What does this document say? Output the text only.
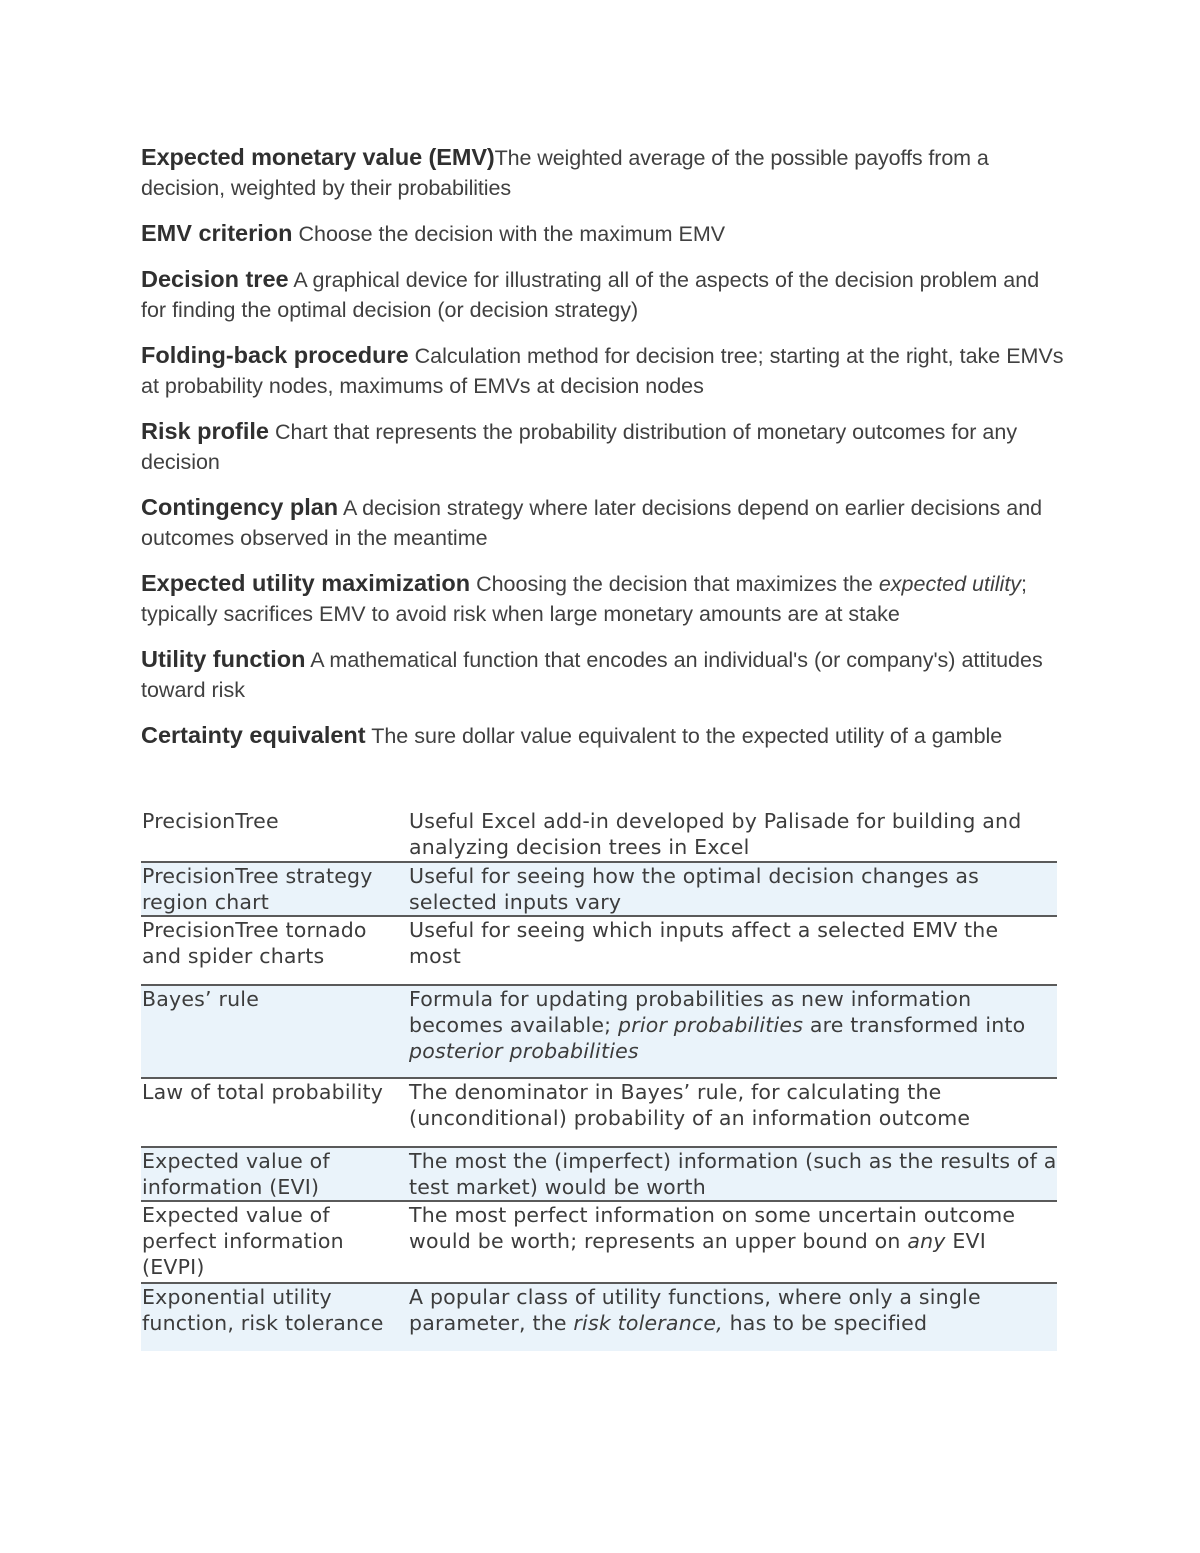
Expected monetary value (EMV)The weighted average of the possible payoffs from a decision, weighted by their probabilities

EMV criterion Choose the decision with the maximum EMV

Decision tree A graphical device for illustrating all of the aspects of the decision problem and for finding the optimal decision (or decision strategy)

Folding-back procedure Calculation method for decision tree; starting at the right, take EMVs at probability nodes, maximums of EMVs at decision nodes

Risk profile Chart that represents the probability distribution of monetary outcomes for any decision

Contingency plan A decision strategy where later decisions depend on earlier decisions and outcomes observed in the meantime

Expected utility maximization Choosing the decision that maximizes the expected utility; typically sacrifices EMV to avoid risk when large monetary amounts are at stake

Utility function A mathematical function that encodes an individual's (or company's) attitudes toward risk

Certainty equivalent The sure dollar value equivalent to the expected utility of a gamble

PrecisionTree	Useful Excel add-in developed by Palisade for building and analyzing decision trees in Excel
PrecisionTree strategy region chart	Useful for seeing how the optimal decision changes as selected inputs vary
PrecisionTree tornado and spider charts	Useful for seeing which inputs affect a selected EMV the most
Bayes’ rule	Formula for updating probabilities as new information becomes available; prior probabilities are transformed into posterior probabilities
Law of total probability	The denominator in Bayes’ rule, for calculating the (unconditional) probability of an information outcome
Expected value of information (EVI)	The most the (imperfect) information (such as the results of a test market) would be worth
Expected value of perfect information (EVPI)	The most perfect information on some uncertain outcome would be worth; represents an upper bound on any EVI
Exponential utility function, risk tolerance	A popular class of utility functions, where only a single parameter, the risk tolerance, has to be specified
